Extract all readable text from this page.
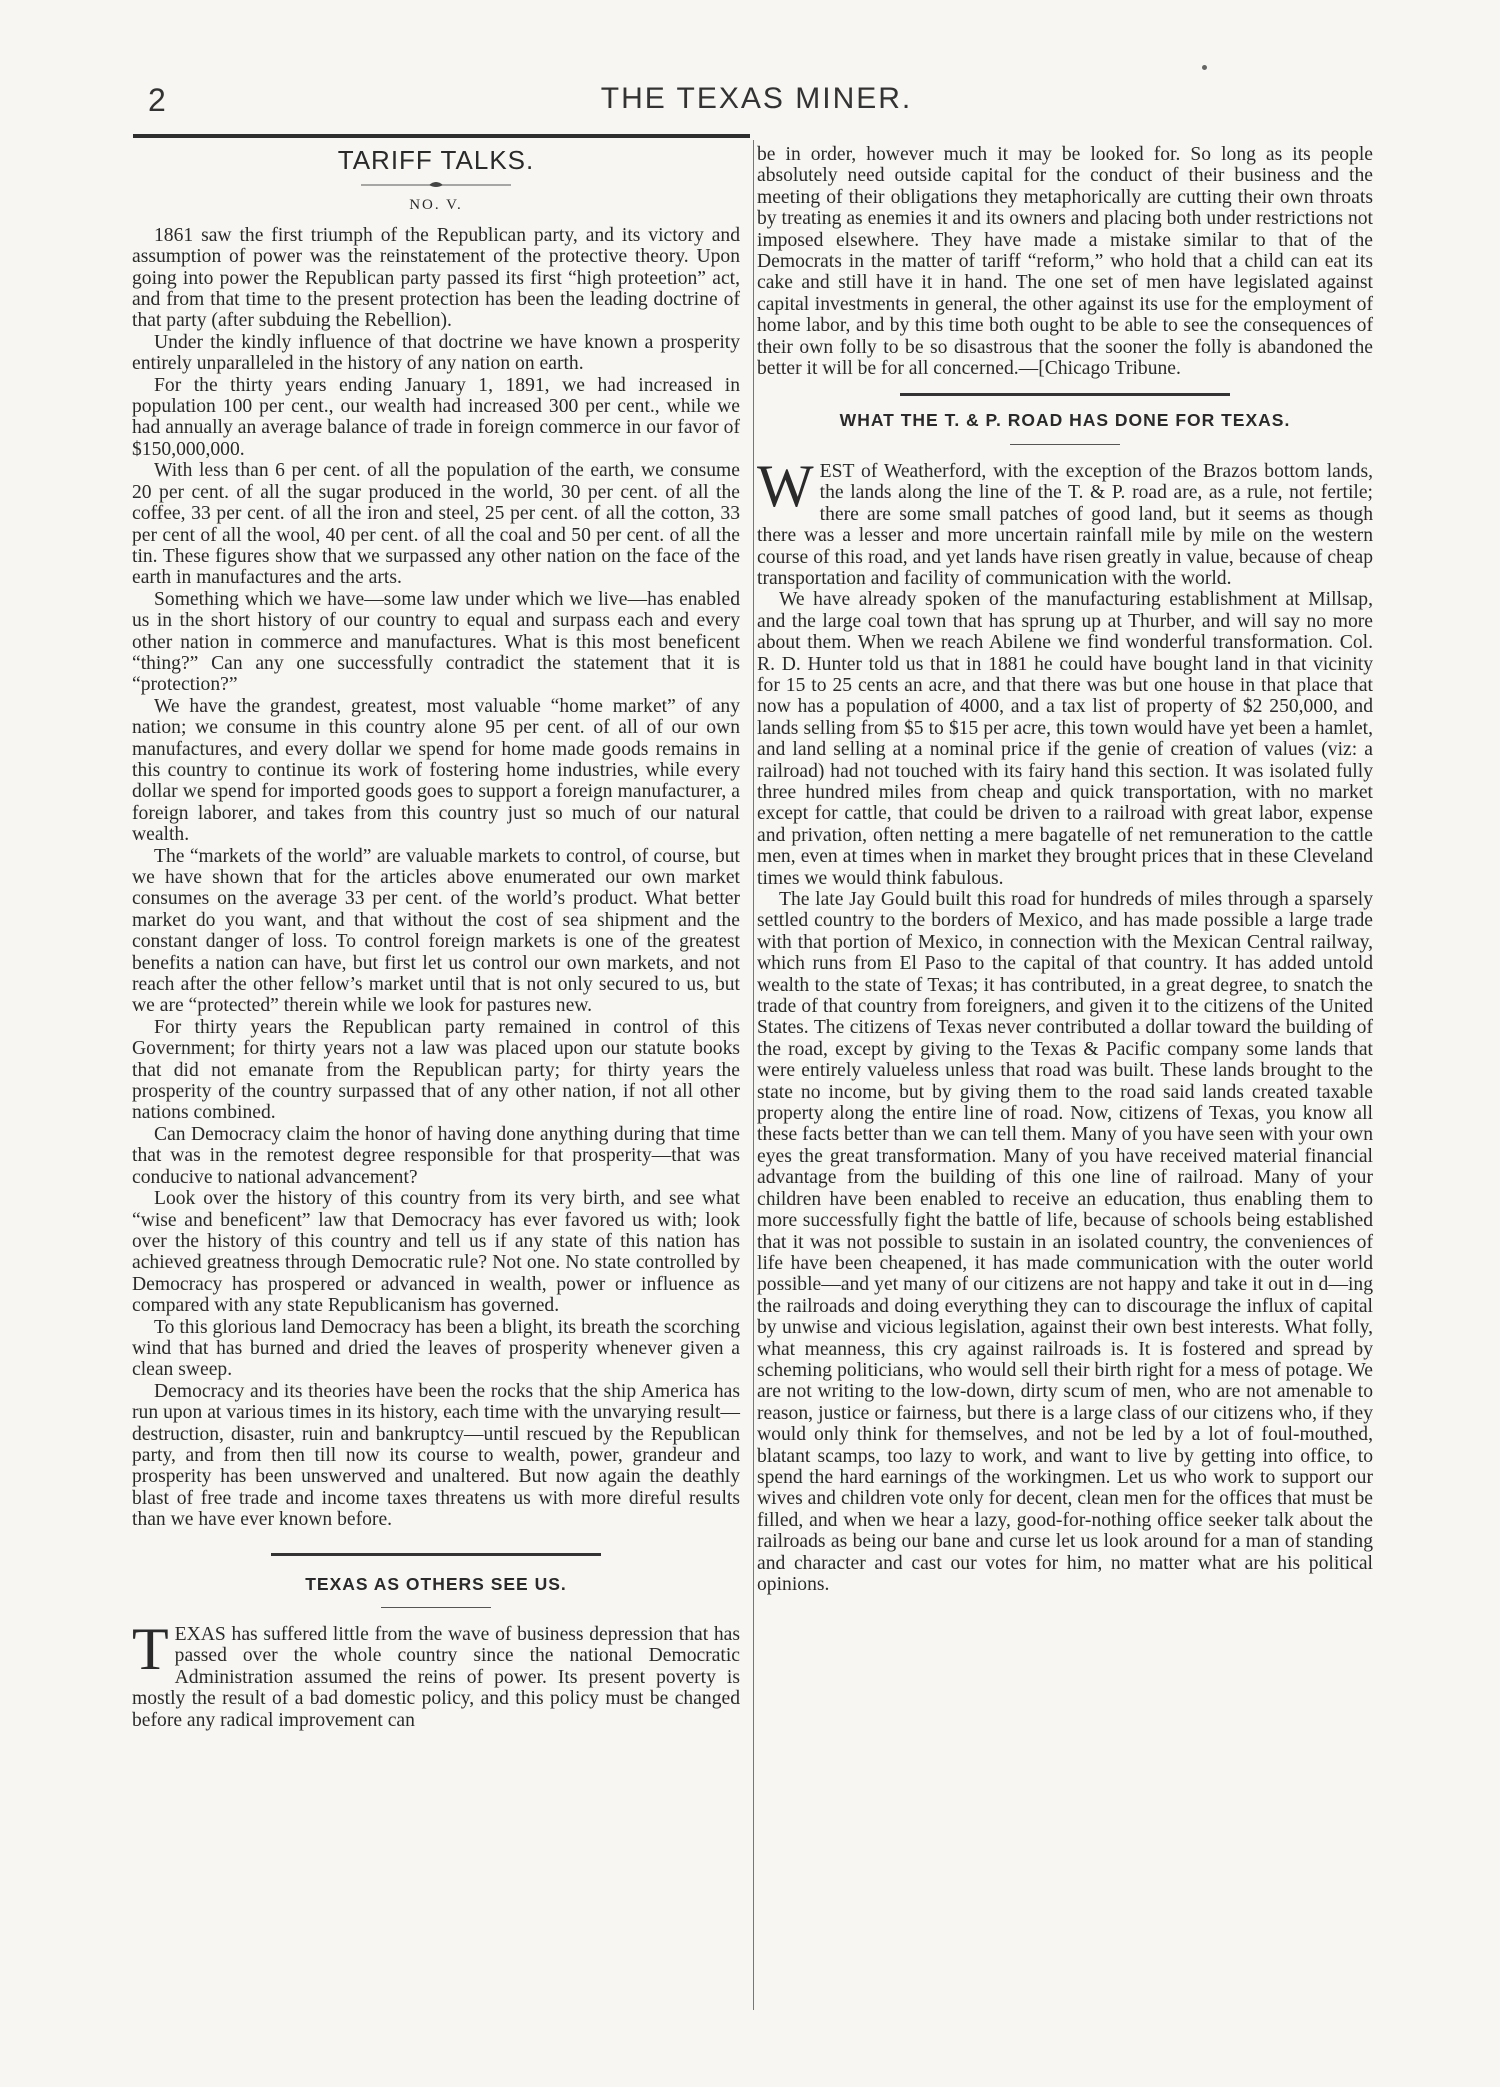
2	THE TEXAS MINER.
TARIFF TALKS.
NO. V.

1861 saw the first triumph of the Republican party, and its victory and assumption of power was the reinstatement of the protective theory. Upon going into power the Republican party passed its first “high proteetion” act, and from that time to the present protection has been the leading doctrine of that party (after subduing the Rebellion).

Under the kindly influence of that doctrine we have known a prosperity entirely unparalleled in the history of any nation on earth.

For the thirty years ending January 1, 1891, we had increased in population 100 per cent., our wealth had increased 300 per cent., while we had annually an average balance of trade in foreign commerce in our favor of $150,000,000.

With less than 6 per cent. of all the population of the earth, we consume 20 per cent. of all the sugar produced in the world, 30 per cent. of all the coffee, 33 per cent. of all the iron and steel, 25 per cent. of all the cotton, 33 per cent of all the wool, 40 per cent. of all the coal and 50 per cent. of all the tin. These figures show that we surpassed any other nation on the face of the earth in manufactures and the arts.

Something which we have—some law under which we live—has enabled us in the short history of our country to equal and surpass each and every other nation in commerce and manufactures. What is this most beneficent “thing?” Can any one successfully contradict the statement that it is “protection?”

We have the grandest, greatest, most valuable “home market” of any nation; we consume in this country alone 95 per cent. of all of our own manufactures, and every dollar we spend for home made goods remains in this country to continue its work of fostering home industries, while every dollar we spend for imported goods goes to support a foreign manufacturer, a foreign laborer, and takes from this country just so much of our natural wealth.

The “markets of the world” are valuable markets to control, of course, but we have shown that for the articles above enumerated our own market consumes on the average 33 per cent. of the world’s product. What better market do you want, and that without the cost of sea shipment and the constant danger of loss. To control foreign markets is one of the greatest benefits a nation can have, but first let us control our own markets, and not reach after the other fellow’s market until that is not only secured to us, but we are “protected” therein while we look for pastures new.

For thirty years the Republican party remained in control of this Government; for thirty years not a law was placed upon our statute books that did not emanate from the Republican party; for thirty years the prosperity of the country surpassed that of any other nation, if not all other nations combined.

Can Democracy claim the honor of having done anything during that time that was in the remotest degree responsible for that prosperity—that was conducive to national advancement?

Look over the history of this country from its very birth, and see what “wise and beneficent” law that Democracy has ever favored us with; look over the history of this country and tell us if any state of this nation has achieved greatness through Democratic rule? Not one. No state controlled by Democracy has prospered or advanced in wealth, power or influence as compared with any state Republicanism has governed.

To this glorious land Democracy has been a blight, its breath the scorching wind that has burned and dried the leaves of prosperity whenever given a clean sweep.

Democracy and its theories have been the rocks that the ship America has run upon at various times in its history, each time with the unvarying result—destruction, disaster, ruin and bankruptcy—until rescued by the Republican party, and from then till now its course to wealth, power, grandeur and prosperity has been unswerved and unaltered. But now again the deathly blast of free trade and income taxes threatens us with more direful results than we have ever known before.

TEXAS AS OTHERS SEE US.

TEXAS has suffered little from the wave of business depression that has passed over the whole country since the national Democratic Administration assumed the reins of power. Its present poverty is mostly the result of a bad domestic policy, and this policy must be changed before any radical improvement can

be in order, however much it may be looked for. So long as its people absolutely need outside capital for the conduct of their business and the meeting of their obligations they metaphorically are cutting their own throats by treating as enemies it and its owners and placing both under restrictions not imposed elsewhere. They have made a mistake similar to that of the Democrats in the matter of tariff “reform,” who hold that a child can eat its cake and still have it in hand. The one set of men have legislated against capital investments in general, the other against its use for the employment of home labor, and by this time both ought to be able to see the consequences of their own folly to be so disastrous that the sooner the folly is abandoned the better it will be for all concerned.—[Chicago Tribune.

WHAT THE T. & P. ROAD HAS DONE FOR TEXAS.

WEST of Weatherford, with the exception of the Brazos bottom lands, the lands along the line of the T. & P. road are, as a rule, not fertile; there are some small patches of good land, but it seems as though there was a lesser and more uncertain rainfall mile by mile on the western course of this road, and yet lands have risen greatly in value, because of cheap transportation and facility of communication with the world.

We have already spoken of the manufacturing establishment at Millsap, and the large coal town that has sprung up at Thurber, and will say no more about them. When we reach Abilene we find wonderful transformation. Col. R. D. Hunter told us that in 1881 he could have bought land in that vicinity for 15 to 25 cents an acre, and that there was but one house in that place that now has a population of 4000, and a tax list of property of $2 250,000, and lands selling from $5 to $15 per acre, this town would have yet been a hamlet, and land selling at a nominal price if the genie of creation of values (viz: a railroad) had not touched with its fairy hand this section. It was isolated fully three hundred miles from cheap and quick transportation, with no market except for cattle, that could be driven to a railroad with great labor, expense and privation, often netting a mere bagatelle of net remuneration to the cattle men, even at times when in market they brought prices that in these Cleveland times we would think fabulous.

The late Jay Gould built this road for hundreds of miles through a sparsely settled country to the borders of Mexico, and has made possible a large trade with that portion of Mexico, in connection with the Mexican Central railway, which runs from El Paso to the capital of that country. It has added untold wealth to the state of Texas; it has contributed, in a great degree, to snatch the trade of that country from foreigners, and given it to the citizens of the United States. The citizens of Texas never contributed a dollar toward the building of the road, except by giving to the Texas & Pacific company some lands that were entirely valueless unless that road was built. These lands brought to the state no income, but by giving them to the road said lands created taxable property along the entire line of road. Now, citizens of Texas, you know all these facts better than we can tell them. Many of you have seen with your own eyes the great transformation. Many of you have received material financial advantage from the building of this one line of railroad. Many of your children have been enabled to receive an education, thus enabling them to more successfully fight the battle of life, because of schools being established that it was not possible to sustain in an isolated country, the conveniences of life have been cheapened, it has made communication with the outer world possible—and yet many of our citizens are not happy and take it out in d—ing the railroads and doing everything they can to discourage the influx of capital by unwise and vicious legislation, against their own best interests. What folly, what meanness, this cry against railroads is. It is fostered and spread by scheming politicians, who would sell their birth right for a mess of potage. We are not writing to the low-down, dirty scum of men, who are not amenable to reason, justice or fairness, but there is a large class of our citizens who, if they would only think for themselves, and not be led by a lot of foul-mouthed, blatant scamps, too lazy to work, and want to live by getting into office, to spend the hard earnings of the workingmen. Let us who work to support our wives and children vote only for decent, clean men for the offices that must be filled, and when we hear a lazy, good-for-nothing office seeker talk about the railroads as being our bane and curse let us look around for a man of standing and character and cast our votes for him, no matter what are his political opinions.
